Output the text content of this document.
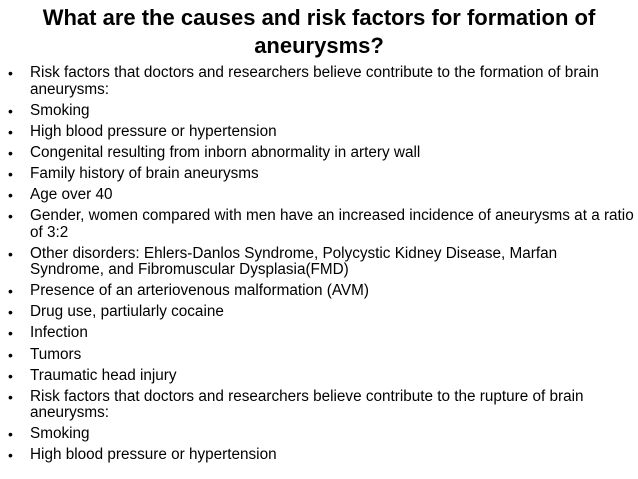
What are the causes and risk factors for formation of
aneurysms?
• Risk factors that doctors and researchers believe contribute to the formation of brain aneurysms:
• Smoking
• High blood pressure or hypertension
• Congenital resulting from inborn abnormality in artery wall
• Family history of brain aneurysms
• Age over 40
• Gender, women compared with men have an increased incidence of aneurysms at a ratio of 3:2
• Other disorders: Ehlers-Danlos Syndrome, Polycystic Kidney Disease, Marfan Syndrome, and Fibromuscular Dysplasia(FMD)
• Presence of an arteriovenous malformation (AVM)
• Drug use, partiularly cocaine
• Infection
• Tumors
• Traumatic head injury
• Risk factors that doctors and researchers believe contribute to the rupture of brain aneurysms:
• Smoking
• High blood pressure or hypertension
